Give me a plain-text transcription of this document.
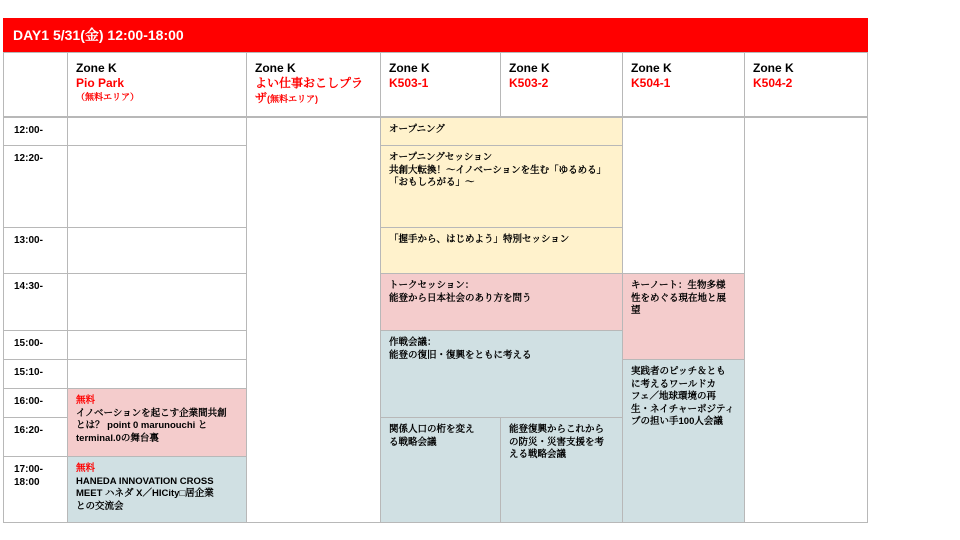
DAY1 5/31(金) 12:00-18:00
Zone K
Pio Park
（無料エリア）
Zone K
よい仕事おこしプラザ(無料エリア)
Zone K
K503-1
Zone K
K503-2
Zone K
K504-1
Zone K
K504-2
12:00-
12:20-
13:00-
14:30-
15:00-
15:10-
16:00-
16:20-
17:00-
18:00
無料
イノベーションを起こす企業間共創
とは？ point 0 marunouchi と
terminal.0の舞台裏
無料
HANEDA INNOVATION CROSS
MEET ハネダ X／HICity□居企業
との交流会
オープニング
オープニングセッション
共創大転換！～イノベーションを生む「ゆるめる」
「おもしろがる」～
「握手から、はじめよう」特別セッション
トークセッション：
能登から日本社会のあり方を問う
作戦会議：
能登の復旧・復興をともに考える
関係人口の桁を変え
る戦略会議
能登復興からこれから
の防災・災害支援を考
える戦略会議
キーノート：生物多様
性をめぐる現在地と展
望
実践者のピッチ＆とも
に考えるワールドカ
フェ／地球環境の再
生・ネイチャーポジティ
ブの担い手100人会議
